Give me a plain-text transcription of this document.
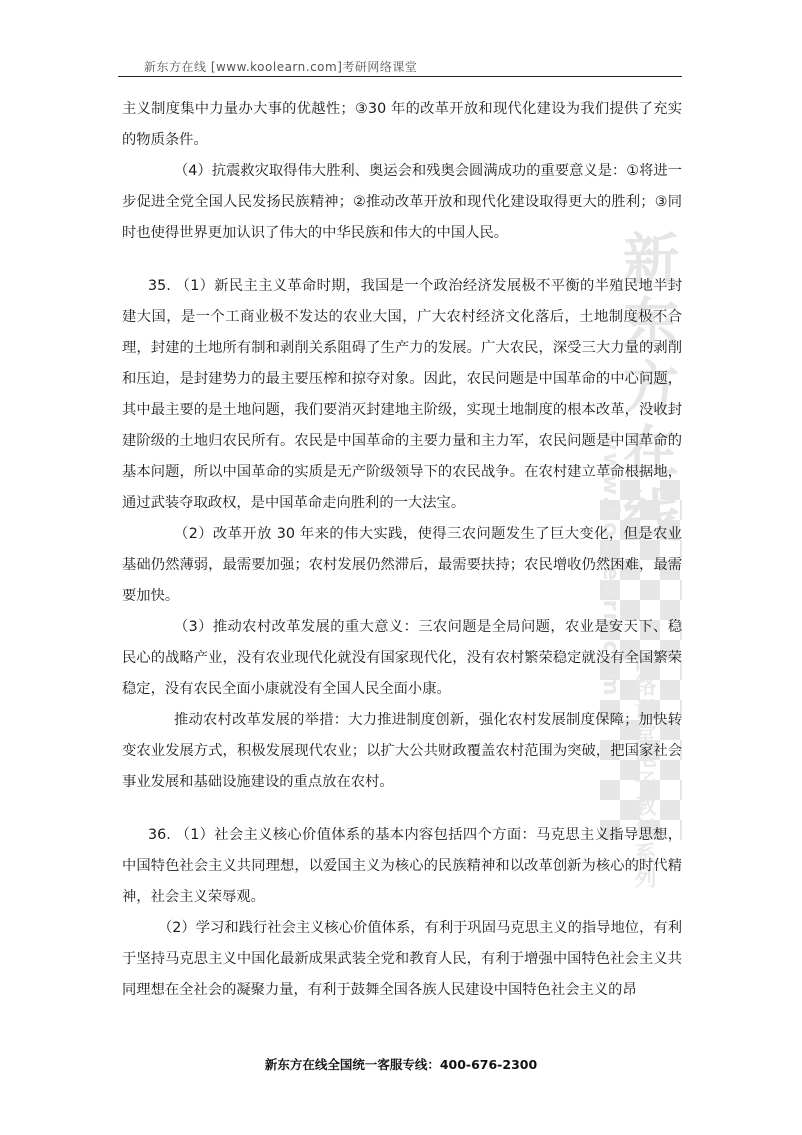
新东方在线 [www.koolearn.com]考研网络课堂
新东方在线
www.koolearn.com
网络课堂电子教材系列

主义制度集中力量办大事的优越性；③30 年的改革开放和现代化建设为我们提供了充实的物质条件。

（4）抗震救灾取得伟大胜利、奥运会和残奥会圆满成功的重要意义是：①将进一步促进全党全国人民发扬民族精神；②推动改革开放和现代化建设取得更大的胜利；③同时也使得世界更加认识了伟大的中华民族和伟大的中国人民。

35. （1）新民主主义革命时期，我国是一个政治经济发展极不平衡的半殖民地半封建大国，是一个工商业极不发达的农业大国，广大农村经济文化落后，土地制度极不合理，封建的土地所有制和剥削关系阻碍了生产力的发展。广大农民，深受三大力量的剥削和压迫，是封建势力的最主要压榨和掠夺对象。因此，农民问题是中国革命的中心问题，其中最主要的是土地问题，我们要消灭封建地主阶级，实现土地制度的根本改革，没收封建阶级的土地归农民所有。农民是中国革命的主要力量和主力军，农民问题是中国革命的基本问题，所以中国革命的实质是无产阶级领导下的农民战争。在农村建立革命根据地，通过武装夺取政权，是中国革命走向胜利的一大法宝。

（2）改革开放 30 年来的伟大实践，使得三农问题发生了巨大变化，但是农业基础仍然薄弱，最需要加强；农村发展仍然滞后，最需要扶持；农民增收仍然困难，最需要加快。

（3）推动农村改革发展的重大意义：三农问题是全局问题，农业是安天下、稳民心的战略产业，没有农业现代化就没有国家现代化，没有农村繁荣稳定就没有全国繁荣稳定，没有农民全面小康就没有全国人民全面小康。

推动农村改革发展的举措：大力推进制度创新，强化农村发展制度保障；加快转变农业发展方式，积极发展现代农业；以扩大公共财政覆盖农村范围为突破，把国家社会事业发展和基础设施建设的重点放在农村。

36. （1）社会主义核心价值体系的基本内容包括四个方面：马克思主义指导思想，中国特色社会主义共同理想，以爱国主义为核心的民族精神和以改革创新为核心的时代精神，社会主义荣辱观。

（2）学习和践行社会主义核心价值体系，有利于巩固马克思主义的指导地位，有利于坚持马克思主义中国化最新成果武装全党和教育人民，有利于增强中国特色社会主义共同理想在全社会的凝聚力量，有利于鼓舞全国各族人民建设中国特色社会主义的昂

新东方在线全国统一客服专线：400-676-2300
